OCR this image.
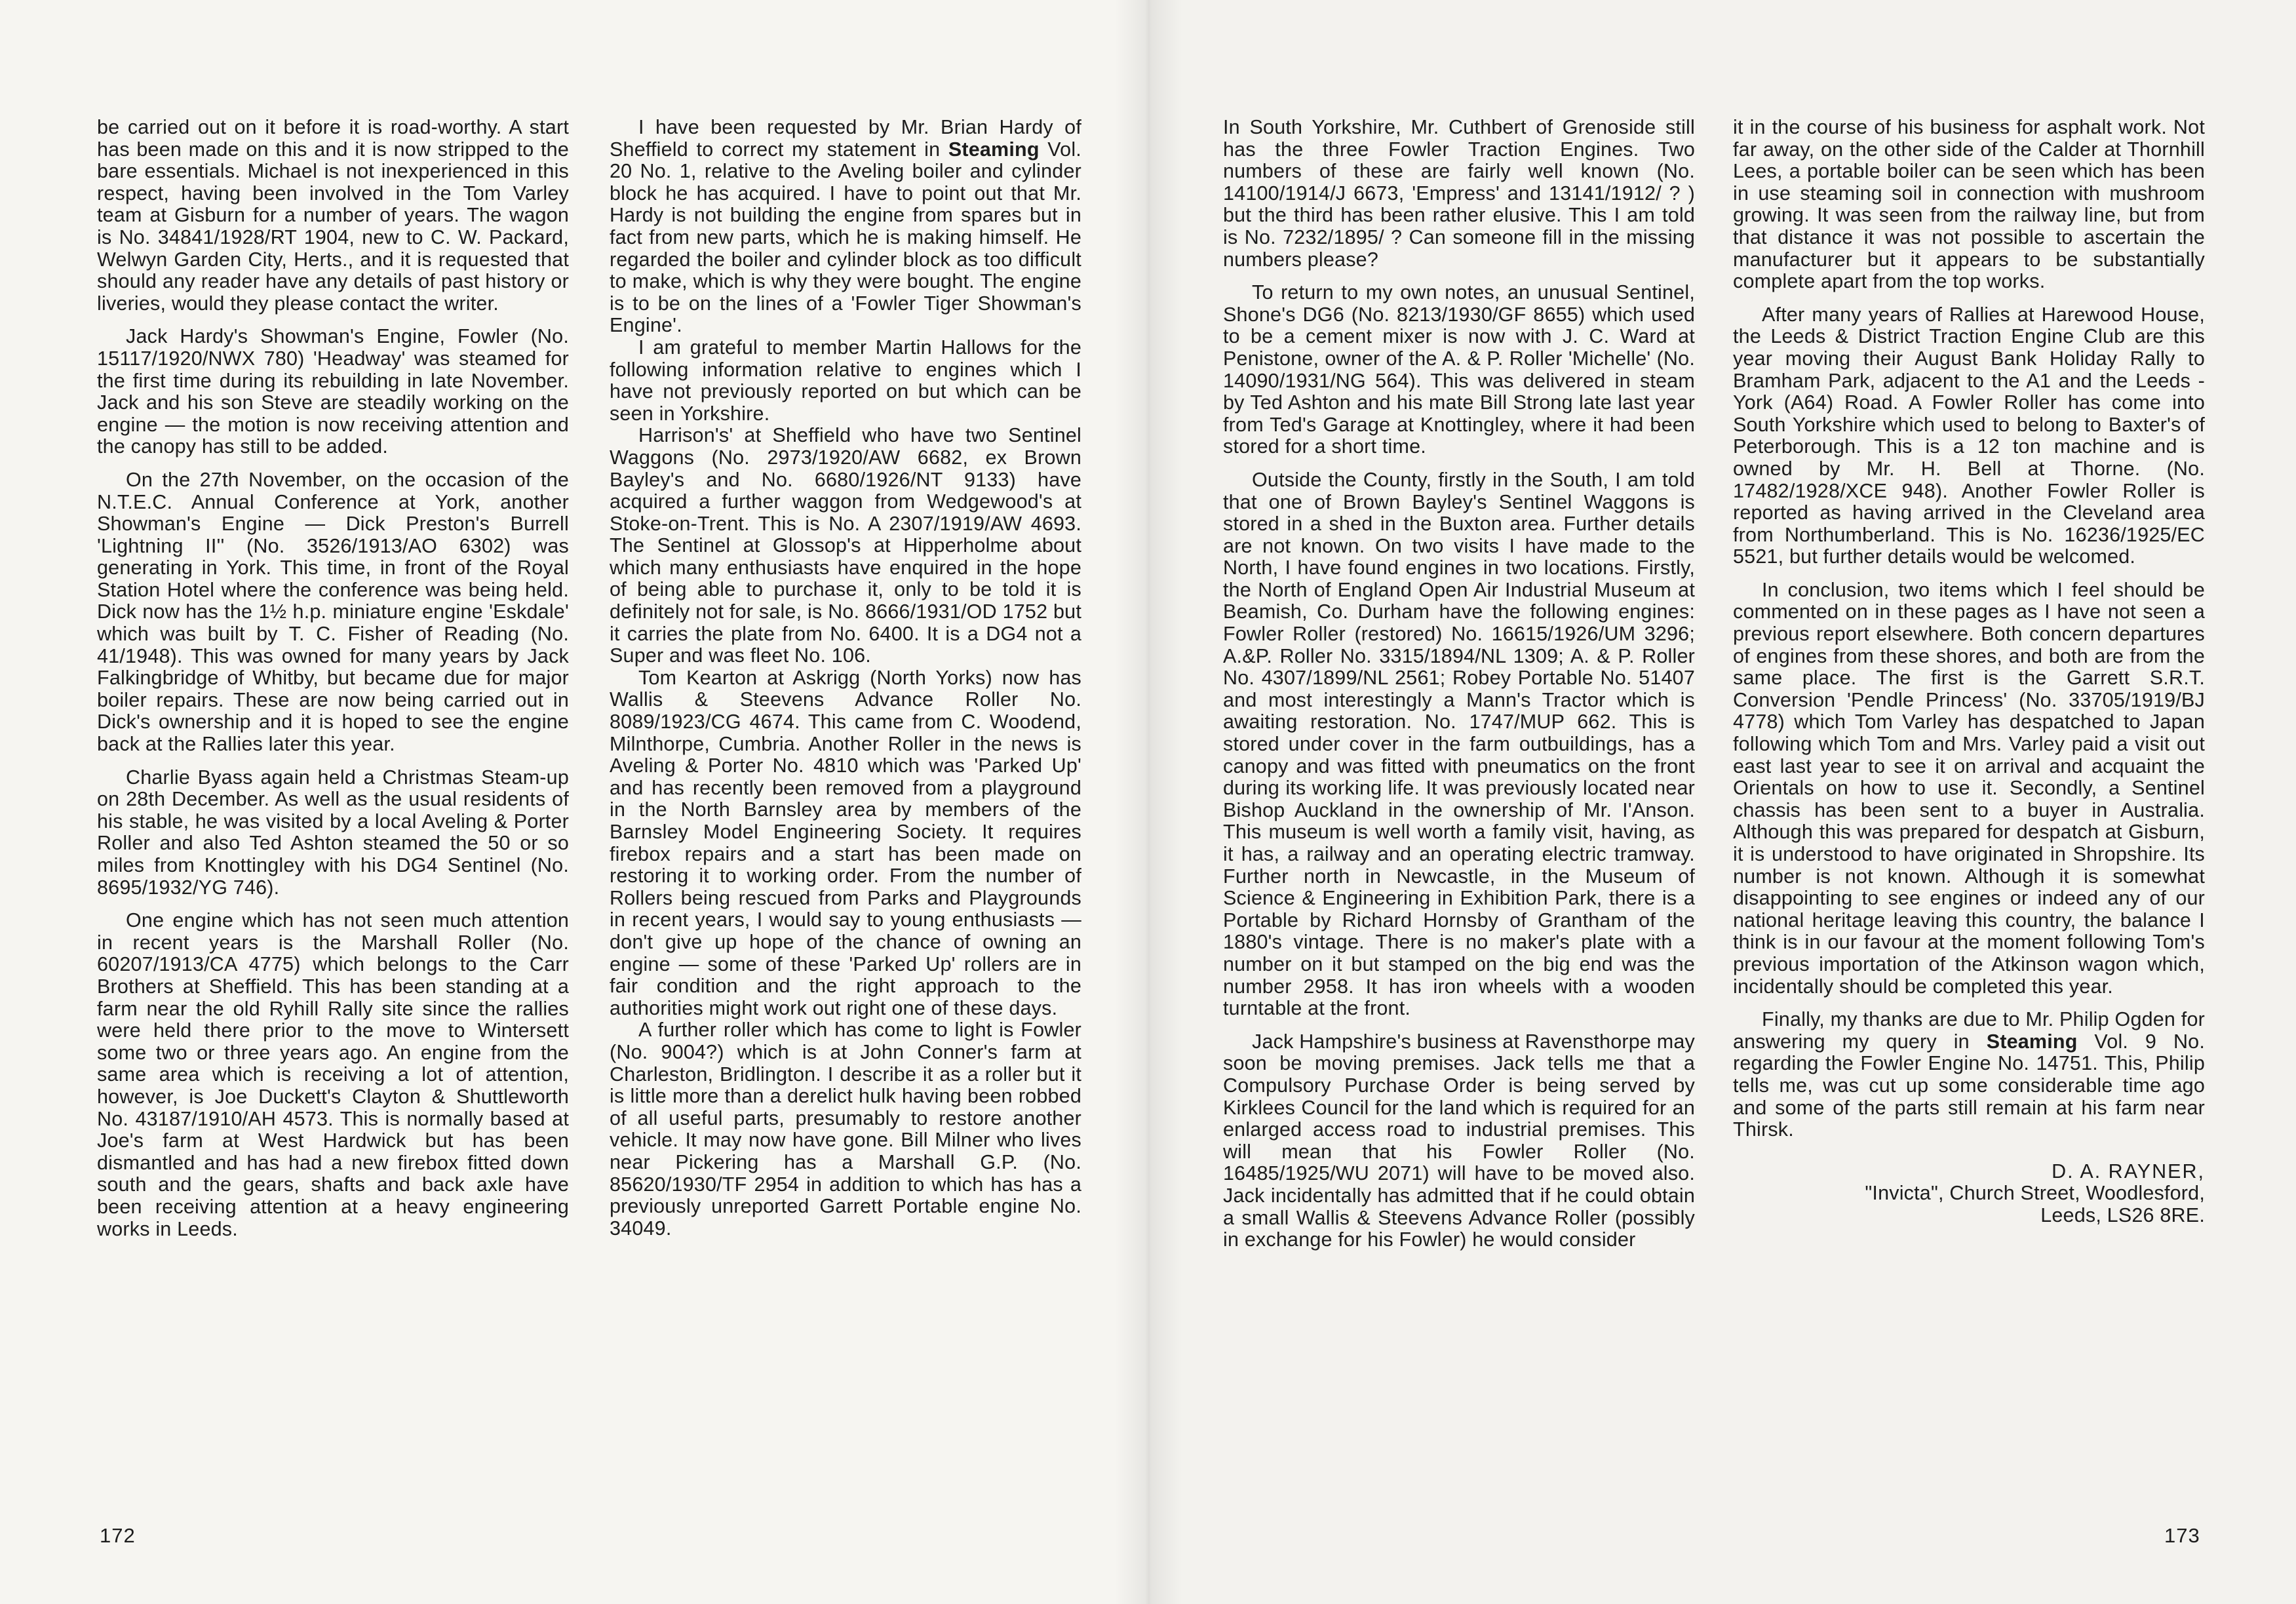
be carried out on it before it is road-worthy. A start has been made on this and it is now stripped to the bare essentials. Michael is not inexperienced in this respect, having been involved in the Tom Varley team at Gisburn for a number of years. The wagon is No. 34841/1928/RT 1904, new to C. W. Packard, Welwyn Garden City, Herts., and it is requested that should any reader have any details of past history or liveries, would they please contact the writer.

Jack Hardy's Showman's Engine, Fowler (No. 15117/1920/NWX 780) 'Headway' was steamed for the first time during its rebuilding in late November. Jack and his son Steve are steadily working on the engine — the motion is now receiving attention and the canopy has still to be added.

On the 27th November, on the occasion of the N.T.E.C. Annual Conference at York, another Showman's Engine — Dick Preston's Burrell 'Lightning II'' (No. 3526/1913/AO 6302) was generating in York. This time, in front of the Royal Station Hotel where the conference was being held. Dick now has the 1½ h.p. miniature engine 'Eskdale' which was built by T. C. Fisher of Reading (No. 41/1948). This was owned for many years by Jack Falkingbridge of Whitby, but became due for major boiler repairs. These are now being carried out in Dick's ownership and it is hoped to see the engine back at the Rallies later this year.

Charlie Byass again held a Christmas Steam-up on 28th December. As well as the usual residents of his stable, he was visited by a local Aveling & Porter Roller and also Ted Ashton steamed the 50 or so miles from Knottingley with his DG4 Sentinel (No. 8695/1932/YG 746).

One engine which has not seen much attention in recent years is the Marshall Roller (No. 60207/1913/CA 4775) which belongs to the Carr Brothers at Sheffield. This has been standing at a farm near the old Ryhill Rally site since the rallies were held there prior to the move to Wintersett some two or three years ago. An engine from the same area which is receiving a lot of attention, however, is Joe Duckett's Clayton & Shuttleworth No. 43187/1910/AH 4573. This is normally based at Joe's farm at West Hardwick but has been dismantled and has had a new firebox fitted down south and the gears, shafts and back axle have been receiving attention at a heavy engineering works in Leeds.

I have been requested by Mr. Brian Hardy of Sheffield to correct my statement in Steaming Vol. 20 No. 1, relative to the Aveling boiler and cylinder block he has acquired. I have to point out that Mr. Hardy is not building the engine from spares but in fact from new parts, which he is making himself. He regarded the boiler and cylinder block as too difficult to make, which is why they were bought. The engine is to be on the lines of a 'Fowler Tiger Showman's Engine'.

I am grateful to member Martin Hallows for the following information relative to engines which I have not previously reported on but which can be seen in Yorkshire.

Harrison's' at Sheffield who have two Sentinel Waggons (No. 2973/1920/AW 6682, ex Brown Bayley's and No. 6680/1926/NT 9133) have acquired a further waggon from Wedgewood's at Stoke-on-Trent. This is No. A 2307/1919/AW 4693. The Sentinel at Glossop's at Hipperholme about which many enthusiasts have enquired in the hope of being able to purchase it, only to be told it is definitely not for sale, is No. 8666/1931/OD 1752 but it carries the plate from No. 6400. It is a DG4 not a Super and was fleet No. 106.

Tom Kearton at Askrigg (North Yorks) now has Wallis & Steevens Advance Roller No. 8089/1923/CG 4674. This came from C. Woodend, Milnthorpe, Cumbria. Another Roller in the news is Aveling & Porter No. 4810 which was 'Parked Up' and has recently been removed from a playground in the North Barnsley area by members of the Barnsley Model Engineering Society. It requires firebox repairs and a start has been made on restoring it to working order. From the number of Rollers being rescued from Parks and Playgrounds in recent years, I would say to young enthusiasts — don't give up hope of the chance of owning an engine — some of these 'Parked Up' rollers are in fair condition and the right approach to the authorities might work out right one of these days.

A further roller which has come to light is Fowler (No. 9004?) which is at John Conner's farm at Charleston, Bridlington. I describe it as a roller but it is little more than a derelict hulk having been robbed of all useful parts, presumably to restore another vehicle. It may now have gone. Bill Milner who lives near Pickering has a Marshall G.P. (No. 85620/1930/TF 2954 in addition to which has has a previously unreported Garrett Portable engine No. 34049.

172	173

In South Yorkshire, Mr. Cuthbert of Grenoside still has the three Fowler Traction Engines. Two numbers of these are fairly well known (No. 14100/1914/J 6673, 'Empress' and 13141/1912/ ? ) but the third has been rather elusive. This I am told is No. 7232/1895/ ? Can someone fill in the missing numbers please?

To return to my own notes, an unusual Sentinel, Shone's DG6 (No. 8213/1930/GF 8655) which used to be a cement mixer is now with J. C. Ward at Penistone, owner of the A. & P. Roller 'Michelle' (No. 14090/1931/NG 564). This was delivered in steam by Ted Ashton and his mate Bill Strong late last year from Ted's Garage at Knottingley, where it had been stored for a short time.

Outside the County, firstly in the South, I am told that one of Brown Bayley's Sentinel Waggons is stored in a shed in the Buxton area. Further details are not known. On two visits I have made to the North, I have found engines in two locations. Firstly, the North of England Open Air Industrial Museum at Beamish, Co. Durham have the following engines: Fowler Roller (restored) No. 16615/1926/UM 3296; A.&P. Roller No. 3315/1894/NL 1309; A. & P. Roller No. 4307/1899/NL 2561; Robey Portable No. 51407 and most interestingly a Mann's Tractor which is awaiting restoration. No. 1747/MUP 662. This is stored under cover in the farm outbuildings, has a canopy and was fitted with pneumatics on the front during its working life. It was previously located near Bishop Auckland in the ownership of Mr. I'Anson. This museum is well worth a family visit, having, as it has, a railway and an operating electric tramway. Further north in Newcastle, in the Museum of Science & Engineering in Exhibition Park, there is a Portable by Richard Hornsby of Grantham of the 1880's vintage. There is no maker's plate with a number on it but stamped on the big end was the number 2958. It has iron wheels with a wooden turntable at the front.

Jack Hampshire's business at Ravensthorpe may soon be moving premises. Jack tells me that a Compulsory Purchase Order is being served by Kirklees Council for the land which is required for an enlarged access road to industrial premises. This will mean that his Fowler Roller (No. 16485/1925/WU 2071) will have to be moved also. Jack incidentally has admitted that if he could obtain a small Wallis & Steevens Advance Roller (possibly in exchange for his Fowler) he would consider

it in the course of his business for asphalt work. Not far away, on the other side of the Calder at Thornhill Lees, a portable boiler can be seen which has been in use steaming soil in connection with mushroom growing. It was seen from the railway line, but from that distance it was not possible to ascertain the manufacturer but it appears to be substantially complete apart from the top works.

After many years of Rallies at Harewood House, the Leeds & District Traction Engine Club are this year moving their August Bank Holiday Rally to Bramham Park, adjacent to the A1 and the Leeds - York (A64) Road. A Fowler Roller has come into South Yorkshire which used to belong to Baxter's of Peterborough. This is a 12 ton machine and is owned by Mr. H. Bell at Thorne. (No. 17482/1928/XCE 948). Another Fowler Roller is reported as having arrived in the Cleveland area from Northumberland. This is No. 16236/1925/EC 5521, but further details would be welcomed.

In conclusion, two items which I feel should be commented on in these pages as I have not seen a previous report elsewhere. Both concern departures of engines from these shores, and both are from the same place. The first is the Garrett S.R.T. Conversion 'Pendle Princess' (No. 33705/1919/BJ 4778) which Tom Varley has despatched to Japan following which Tom and Mrs. Varley paid a visit out east last year to see it on arrival and acquaint the Orientals on how to use it. Secondly, a Sentinel chassis has been sent to a buyer in Australia. Although this was prepared for despatch at Gisburn, it is understood to have originated in Shropshire. Its number is not known. Although it is somewhat disappointing to see engines or indeed any of our national heritage leaving this country, the balance I think is in our favour at the moment following Tom's previous importation of the Atkinson wagon which, incidentally should be completed this year.

Finally, my thanks are due to Mr. Philip Ogden for answering my query in Steaming Vol. 9 No. regarding the Fowler Engine No. 14751. This, Philip tells me, was cut up some considerable time ago and some of the parts still remain at his farm near Thirsk.

D. A. RAYNER,

"Invicta", Church Street, Woodlesford,

Leeds, LS26 8RE.
